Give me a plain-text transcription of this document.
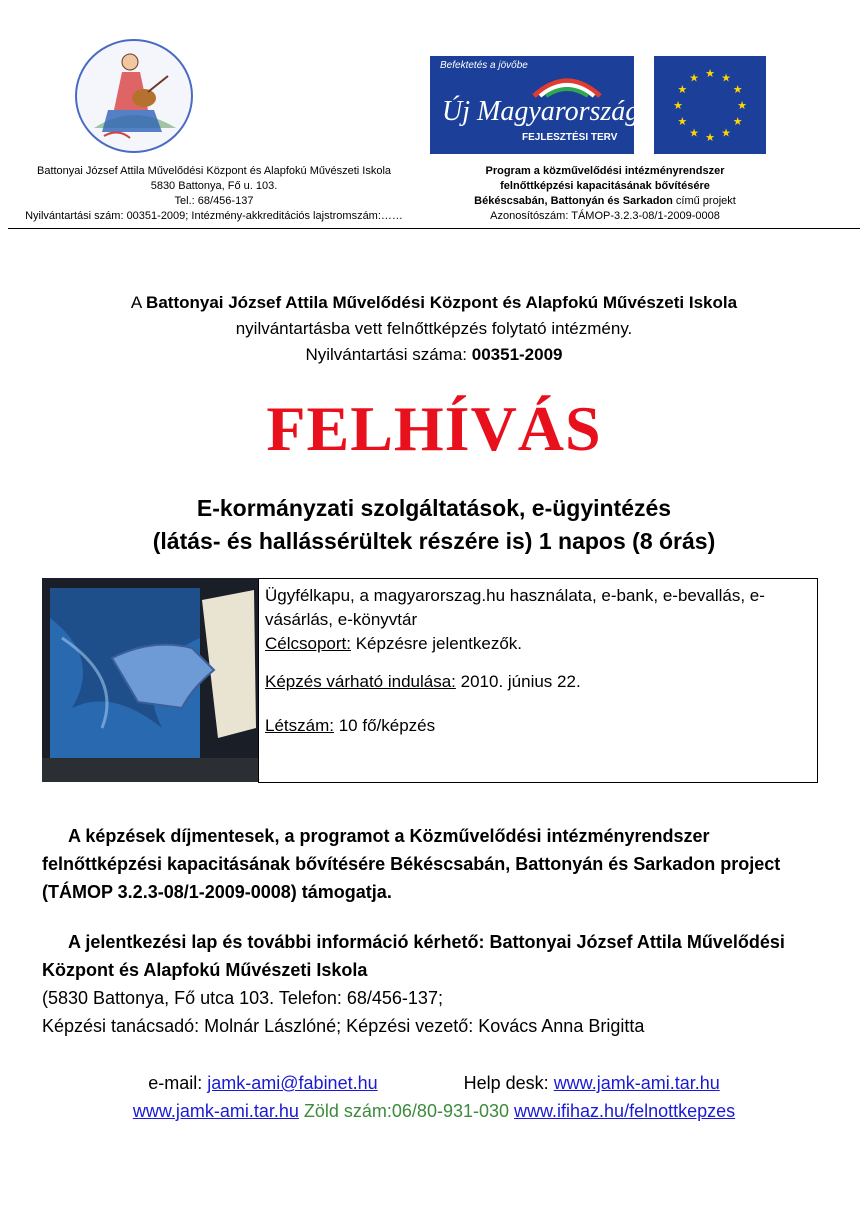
Befektetés a jövőbe
Új Magyarország
FEJLESZTÉSI TERV
★ ★
★
★
★
★
★
★
★
★
★
★
Battonyai József Attila Művelődési Központ és Alapfokú Művészeti Iskola
5830 Battonya, Fő u. 103.
Tel.: 68/456-137
Nyilvántartási szám: 00351-2009; Intézmény-akkreditációs lajstromszám:……
Program a közművelődési intézményrendszer
felnőttképzési kapacitásának bővítésére
Békéscsabán, Battonyán és Sarkadon című projekt
Azonosítószám: TÁMOP-3.2.3-08/1-2009-0008
A Battonyai József Attila Művelődési Központ és Alapfokú Művészeti Iskola
nyilvántartásba vett felnőttképzés folytató intézmény.
Nyilvántartási száma: 00351-2009
FELHÍVÁS
E-kormányzati szolgáltatások, e-ügyintézés
(látás- és hallássérültek részére is) 1 napos (8 órás)

Ügyfélkapu, a magyarorszag.hu használata, e-bank, e-bevallás, e-vásárlás, e-könyvtár

Célcsoport: Képzésre jelentkezők.

Képzés várható indulása: 2010. június 22.

Létszám: 10 fő/képzés

A képzések díjmentesek, a programot a Közművelődési intézményrendszer felnőttképzési kapacitásának bővítésére Békéscsabán, Battonyán és Sarkadon project (TÁMOP 3.2.3-08/1-2009-0008) támogatja.
A jelentkezési lap és további információ kérhető: Battonyai József Attila Művelődési Központ és Alapfokú Művészeti Iskola
(5830 Battonya, Fő utca 103. Telefon: 68/456-137;
Képzési tanácsadó: Molnár Lászlóné; Képzési vezető: Kovács Anna Brigitta
e-mail: jamk-ami@fabinet.hu	Help desk: www.jamk-ami.tar.hu
www.jamk-ami.tar.hu Zöld szám:06/80-931-030 www.ifihaz.hu/felnottkepzes
